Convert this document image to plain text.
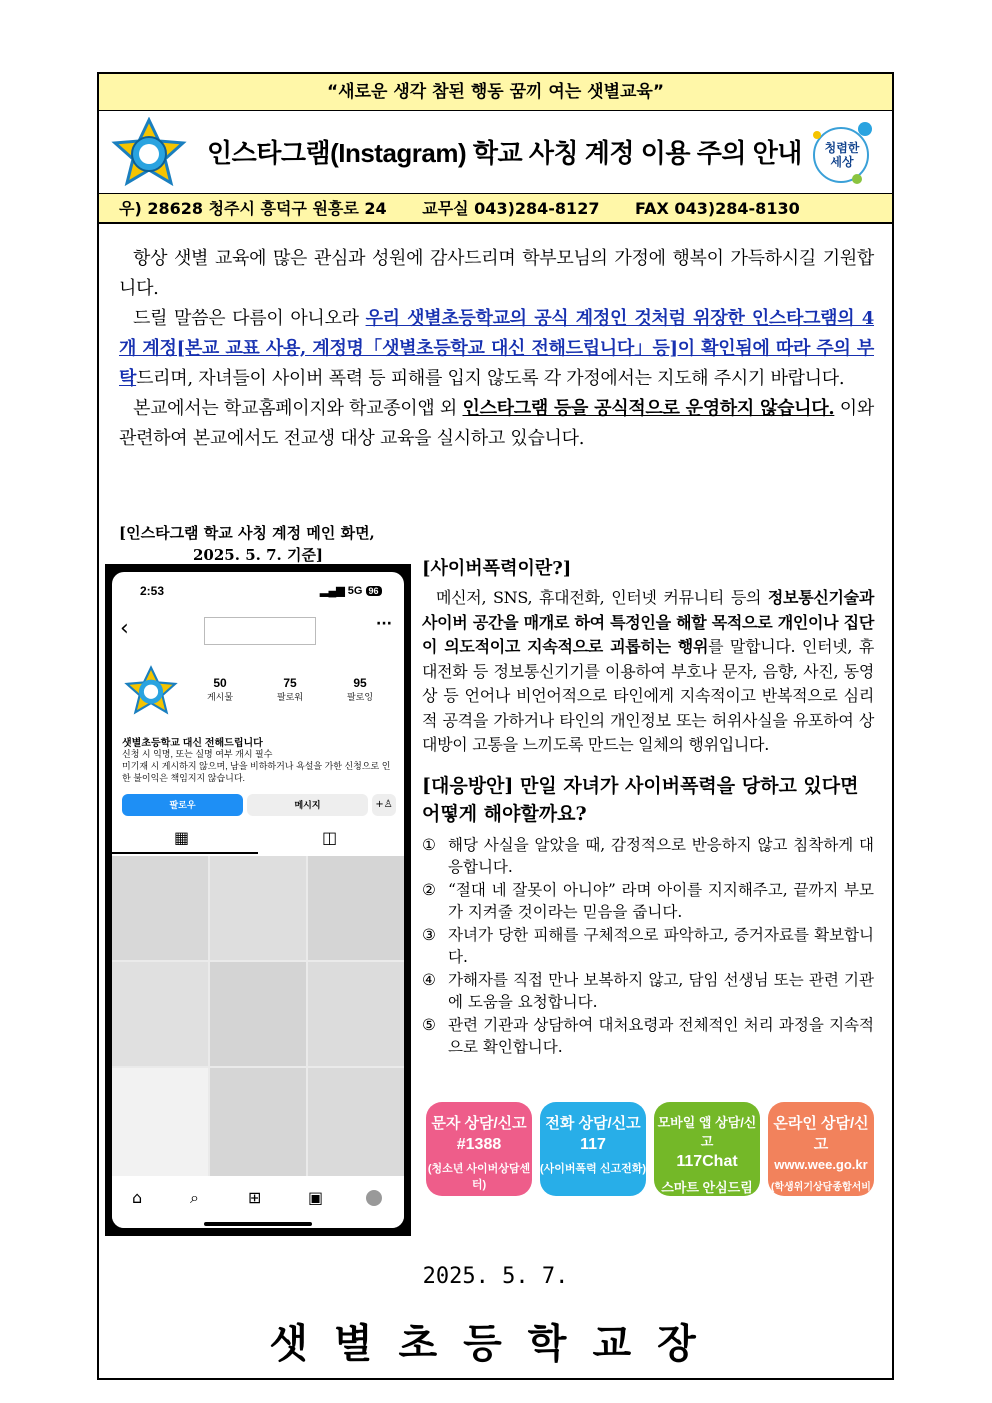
“새로운 생각 참된 행동 꿈끼 여는 샛별교육”
인스타그램(Instagram) 학교 사칭 계정 이용 주의 안내	청렴한 세상
우) 28628 청주시 흥덕구 원흥로 24 교무실 043)284-8127 FAX 043)284-8130

항상 샛별 교육에 많은 관심과 성원에 감사드리며 학부모님의 가정에 행복이 가득하시길 기원합니다.

드릴 말씀은 다름이 아니오라 우리 샛별초등학교의 공식 계정인 것처럼 위장한 인스타그램의 4개 계정[본교 교표 사용, 계정명「샛별초등학교 대신 전해드립니다」등]이 확인됨에 따라 주의 부탁드리며, 자녀들이 사이버 폭력 등 피해를 입지 않도록 각 가정에서는 지도해 주시기 바랍니다.

본교에서는 학교홈페이지와 학교종이앱 외 인스타그램 등을 공식적으로 운영하지 않습니다. 이와 관련하여 본교에서도 전교생 대상 교육을 실시하고 있습니다.

[인스타그램 학교 사칭 계정 메인 화면,
2025. 5. 7. 기준]
2:53	▂▄▆ 5G 96
‹	···
50
게시물
75
팔로워
95
팔로잉
샛별초등학교 대신 전해드립니다
신청 시 익명, 또는 실명 여부 개시 필수
미기재 시 게시하지 않으며, 남을 비하하거나 욕설을 가한 신청으로 인한 불이익은 책임지지 않습니다.
팔로우	메시지	+♙
▦	◫
⌂	⌕	⊞	▣
[사이버폭력이란?]

메신저, SNS, 휴대전화, 인터넷 커뮤니티 등의 정보통신기술과 사이버 공간을 매개로 하여 특정인을 해할 목적으로 개인이나 집단이 의도적이고 지속적으로 괴롭히는 행위를 말합니다. 인터넷, 휴대전화 등 정보통신기기를 이용하여 부호나 문자, 음향, 사진, 동영상 등 언어나 비언어적으로 타인에게 지속적이고 반복적으로 심리적 공격을 가하거나 타인의 개인정보 또는 허위사실을 유포하여 상대방이 고통을 느끼도록 만드는 일체의 행위입니다.

[대응방안] 만일 자녀가 사이버폭력을 당하고 있다면 어떻게 해야할까요?
① 해당 사실을 알았을 때, 감정적으로 반응하지 않고 침착하게 대응합니다.
② “절대 네 잘못이 아니야” 라며 아이를 지지해주고, 끝까지 부모가 지켜줄 것이라는 믿음을 줍니다.
③ 자녀가 당한 피해를 구체적으로 파악하고, 증거자료를 확보합니다.
④ 가해자를 직접 만나 보복하지 않고, 담임 선생님 또는 관련 기관에 도움을 요청합니다.
⑤ 관련 기관과 상담하여 대처요령과 전체적인 처리 과정을 지속적으로 확인합니다.
문자 상담/신고
#1388
(청소년 사이버상담센터)
전화 상담/신고
117
(사이버폭력 신고전화)
모바일 앱 상담/신고
117Chat
스마트 안심드림
온라인 상담/신고
www.wee.go.kr
(학생위기상담종합서비스)
2025. 5. 7.
샛별초등학교장
